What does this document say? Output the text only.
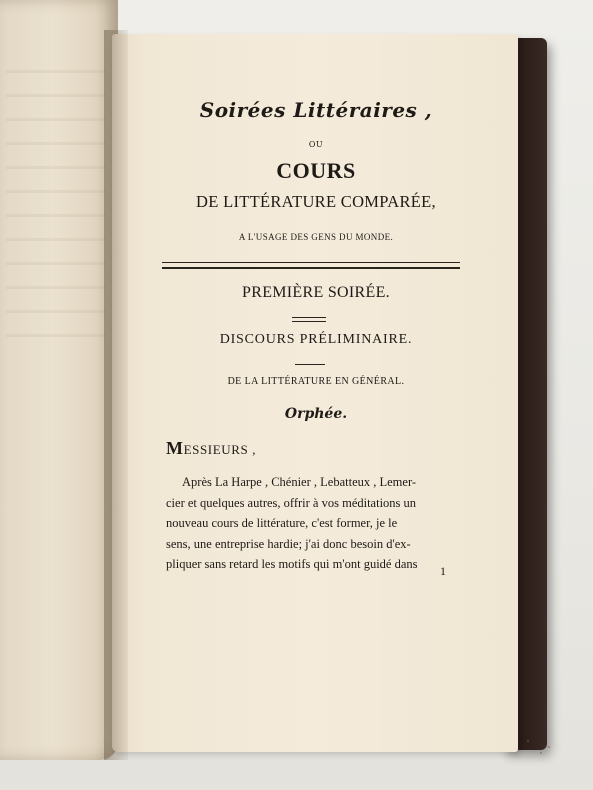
Soirées Littéraires ,
OU
COURS
DE LITTÉRATURE COMPARÉE,
A L'USAGE DES GENS DU MONDE.
PREMIÈRE SOIRÉE.
DISCOURS PRÉLIMINAIRE.
DE LA LITTÉRATURE EN GÉNÉRAL.
Orphée.
MESSIEURS ,
Après La Harpe , Chénier , Lebatteux , Lemer-
cier et quelques autres, offrir à vos méditations un
nouveau cours de littérature, c'est former, je le
sens, une entreprise hardie; j'ai donc besoin d'ex-
pliquer sans retard les motifs qui m'ont guidé dans	1
